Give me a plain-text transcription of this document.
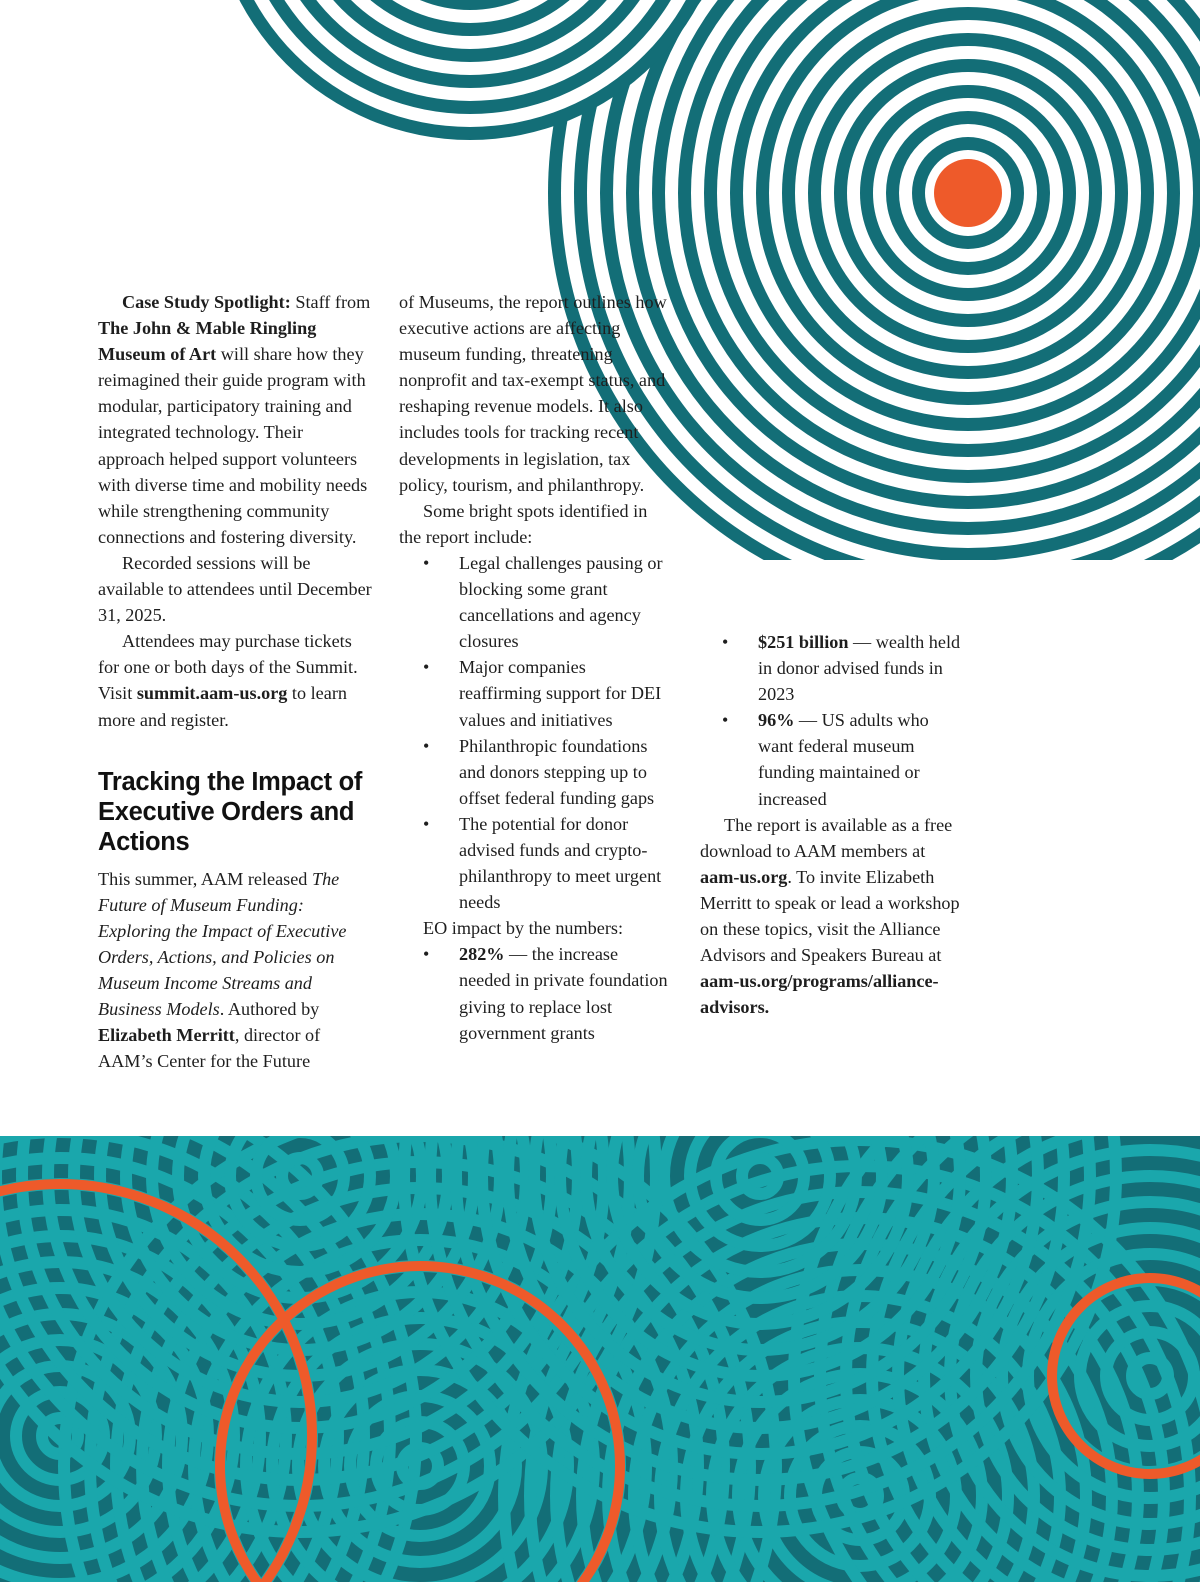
Case Study Spotlight: Staff from The John & Mable Ringling Museum of Art will share how they reimagined their guide program with modular, participatory training and integrated technology. Their approach helped support volunteers with diverse time and mobility needs while strengthening community connections and fostering diversity.

Recorded sessions will be available to attendees until December 31, 2025.

Attendees may purchase tickets for one or both days of the Summit. Visit summit.aam-us.org to learn more and register.

Tracking the Impact of Executive Orders and Actions

This summer, AAM released The Future of Museum Funding: Exploring the Impact of Executive Orders, Actions, and Policies on Museum Income Streams and Business Models. Authored by Elizabeth Merritt, director of AAM’s Center for the Future

of Museums, the report outlines how executive actions are affecting museum funding, threatening nonprofit and tax-exempt status, and reshaping revenue models. It also includes tools for tracking recent developments in legislation, tax policy, tourism, and philanthropy.

Some bright spots identified in the report include:

• Legal challenges pausing or blocking some grant cancellations and agency closures
• Major companies reaffirming support for DEI values and initiatives
• Philanthropic foundations and donors stepping up to offset federal funding gaps
• The potential for donor advised funds and crypto-philanthropy to meet urgent needs

EO impact by the numbers:

• 282% — the increase needed in private foundation giving to replace lost government grants
• $251 billion — wealth held in donor advised funds in 2023
• 96% — US adults who want federal museum funding maintained or increased

The report is available as a free download to AAM members at aam-us.org. To invite Elizabeth Merritt to speak or lead a workshop on these topics, visit the Alliance Advisors and Speakers Bureau at aam-us.org/programs/alliance-advisors.
